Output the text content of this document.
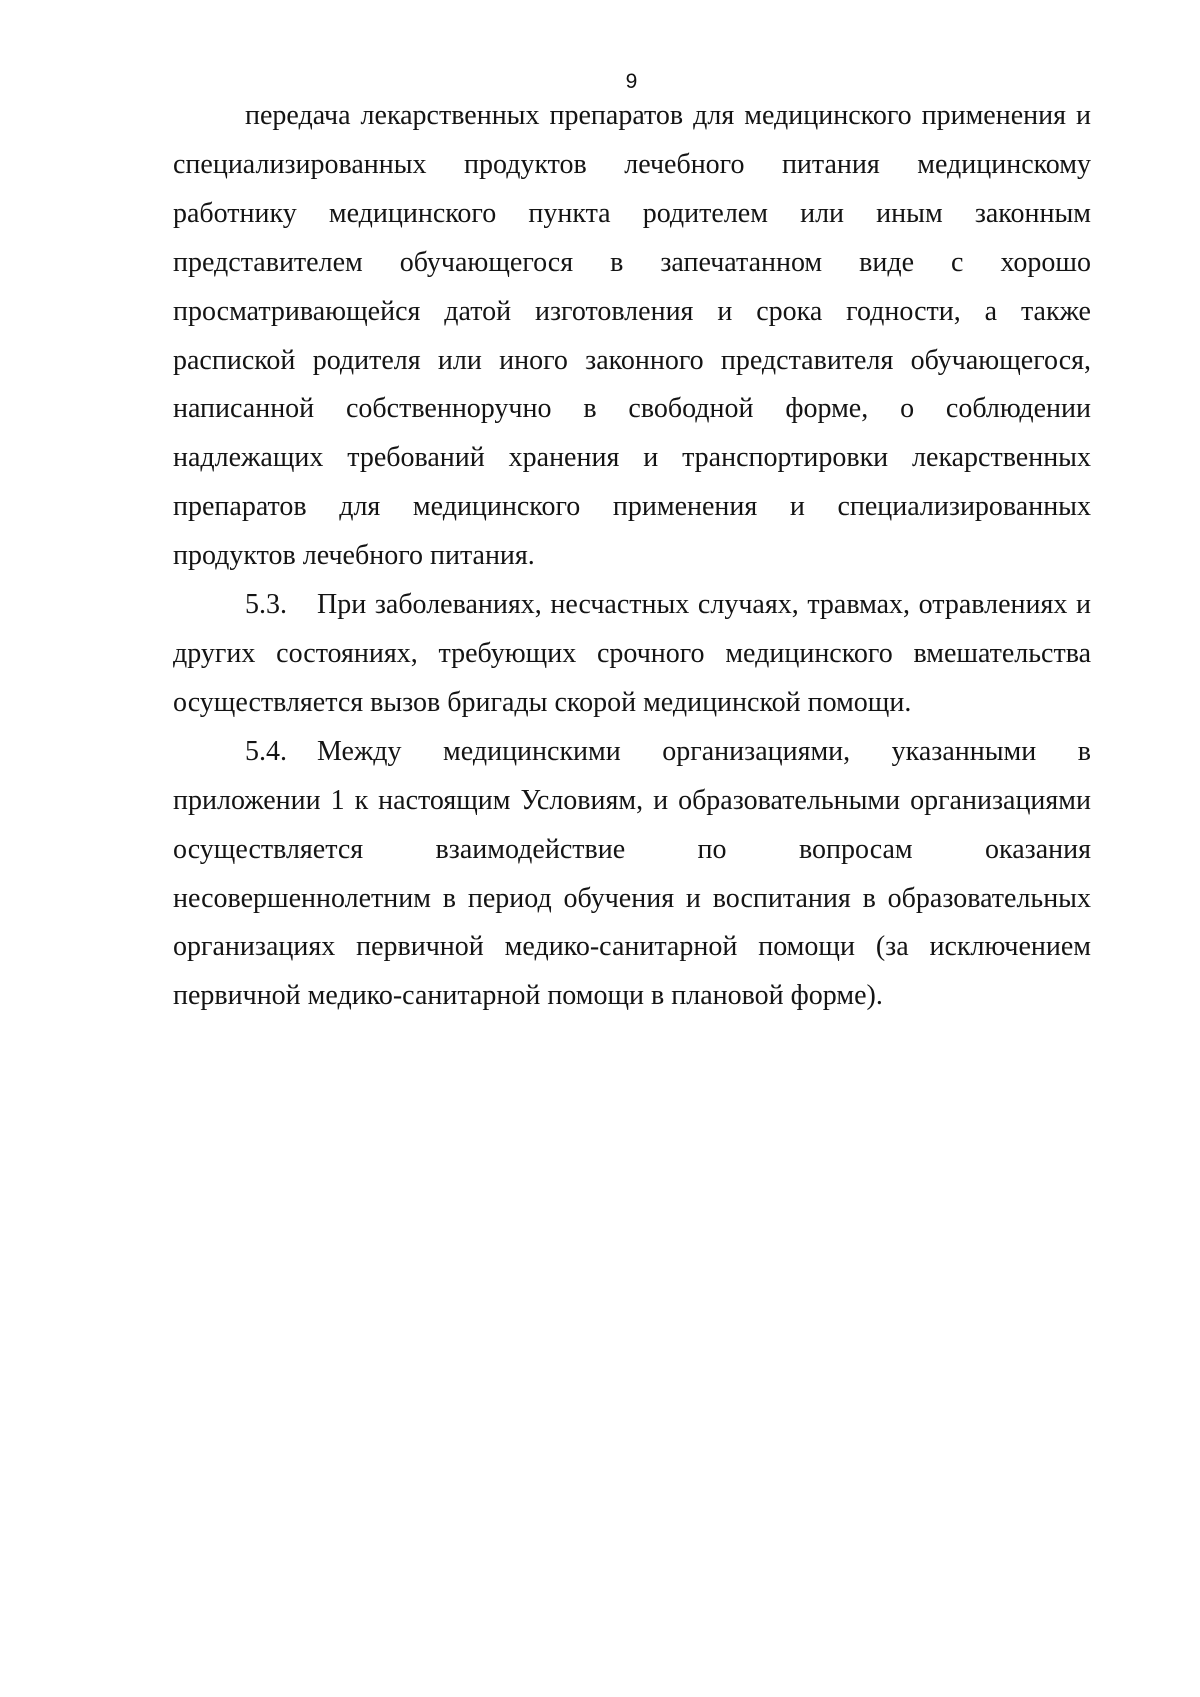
9

передача лекарственных препаратов для медицинского применения и специализированных продуктов лечебного питания медицинскому работнику медицинского пункта родителем или иным законным представителем обучающегося в запечатанном виде с хорошо просматривающейся датой изготовления и срока годности, а также распиской родителя или иного законного представителя обучающегося, написанной собственноручно в свободной форме, о соблюдении надлежащих требований хранения и транспортировки лекарственных препаратов для медицинского применения и специализированных продуктов лечебного питания.

5.3. При заболеваниях, несчастных случаях, травмах, отравлениях и других состояниях, требующих срочного медицинского вмешательства осуществляется вызов бригады скорой медицинской помощи.

5.4. Между медицинскими организациями, указанными в приложении 1 к настоящим Условиям, и образовательными организациями осуществляется взаимодействие по вопросам оказания несовершеннолетним в период обучения и воспитания в образовательных организациях первичной медико-санитарной помощи (за исключением первичной медико-санитарной помощи в плановой форме).
